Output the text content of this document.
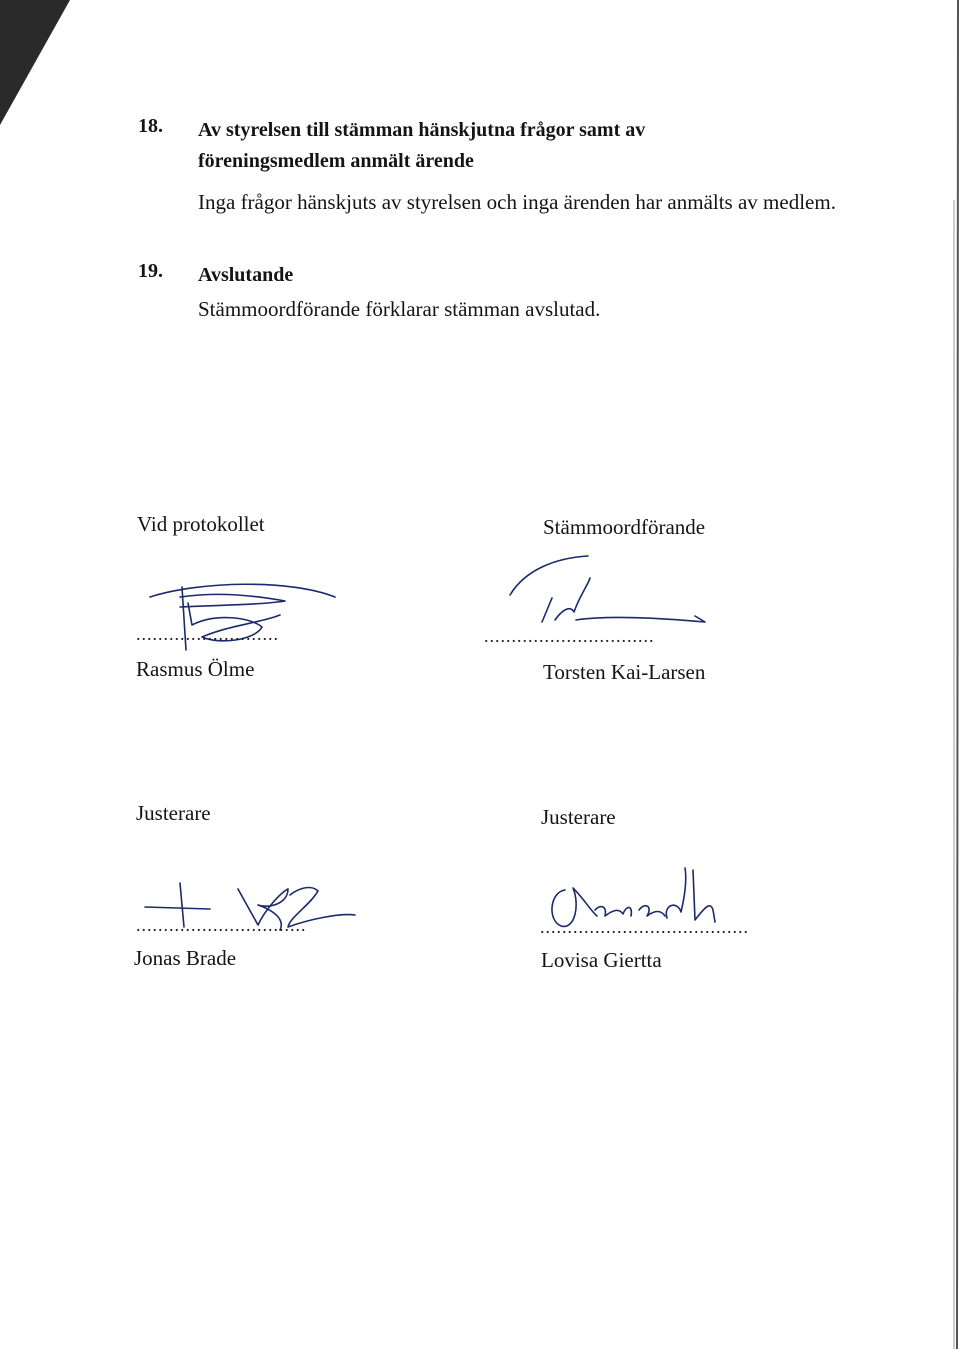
18. Av styrelsen till stämman hänskjutna frågor samt av
föreningsmedlem anmält ärende
Inga frågor hänskjuts av styrelsen och inga ärenden har anmälts av medlem.
19. Avslutande
Stämmoordförande förklarar stämman avslutad.
Vid protokollet
..........................
Rasmus Ölme
Stämmoordförande
...............................
Torsten Kai-Larsen
Justerare
...............................
Jonas Brade
Justerare
......................................
Lovisa Giertta
